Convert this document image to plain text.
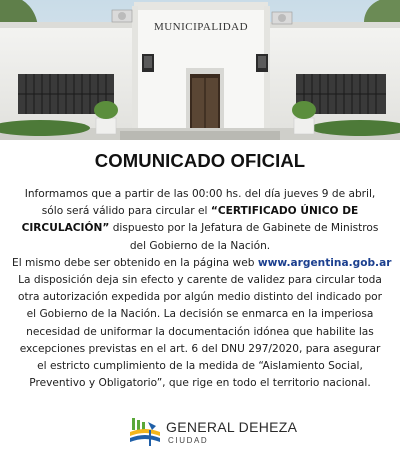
MUNICIPALIDAD
COMUNICADO OFICIAL
Informamos que a partir de las 00:00 hs. del día jueves 9 de abril,
sólo será válido para circular el “CERTIFICADO ÚNICO DE
CIRCULACIÓN” dispuesto por la Jefatura de Gabinete de Ministros
del Gobierno de la Nación.
El mismo debe ser obtenido en la página web www.argentina.gob.ar
La disposición deja sin efecto y carente de validez para circular toda
otra autorización expedida por algún medio distinto del indicado por
el Gobierno de la Nación. La decisión se enmarca en la imperiosa
necesidad de uniformar la documentación idónea que habilite las
excepciones previstas en el art. 6 del DNU 297/2020, para asegurar
el estricto cumplimiento de la medida de “Aislamiento Social,
Preventivo y Obligatorio”, que rige en todo el territorio nacional.
GENERAL DEHEZA
CIUDAD
